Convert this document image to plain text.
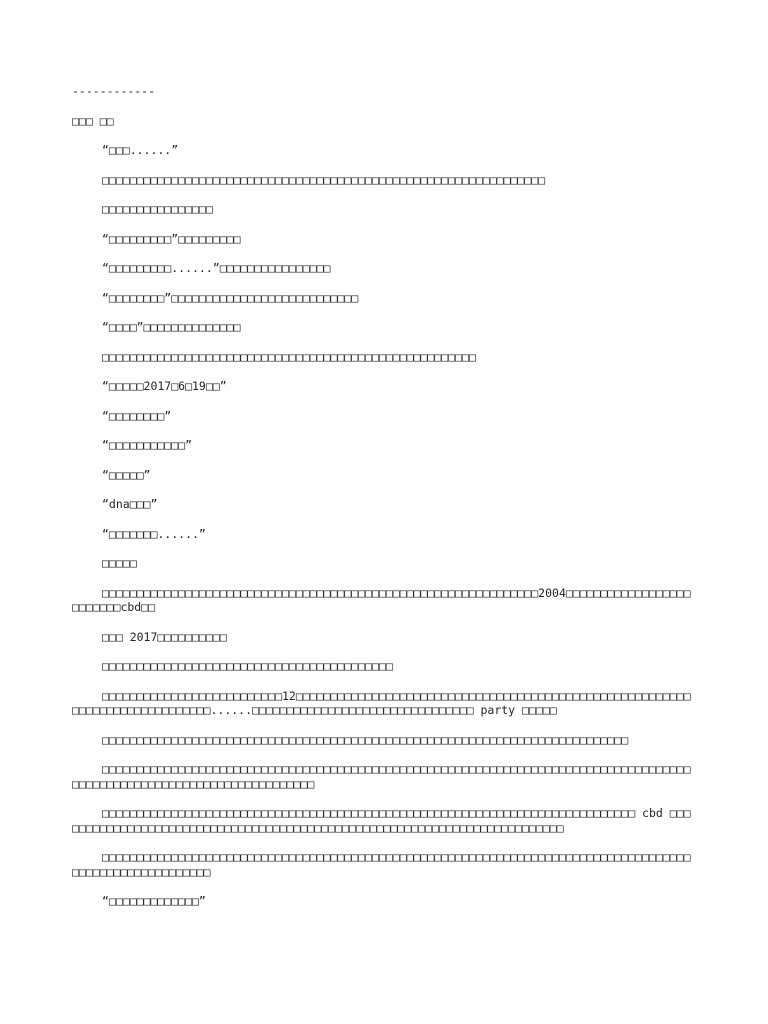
------------

□□□ □□

“□□□......”

□□□□□□□□□□□□□□□□□□□□□□□□□□□□□□□□□□□□□□□□□□□□□□□□□□□□□□□□□□□□□□□□

□□□□□□□□□□□□□□□□

“□□□□□□□□□”□□□□□□□□□

“□□□□□□□□□......”□□□□□□□□□□□□□□□□

“□□□□□□□□”□□□□□□□□□□□□□□□□□□□□□□□□□□□

“□□□□”□□□□□□□□□□□□□□

□□□□□□□□□□□□□□□□□□□□□□□□□□□□□□□□□□□□□□□□□□□□□□□□□□□□□□

“□□□□□2017□6□19□□”

“□□□□□□□□”

“□□□□□□□□□□□”

“□□□□□”

“dna□□□”

“□□□□□□□......”

□□□□□

□□□□□□□□□□□□□□□□□□□□□□□□□□□□□□□□□□□□□□□□□□□□□□□□□□□□□□□□□□□□□□□2004□□□□□□□□□□□□□□□□□□□□□□□□□cbd□□

□□□ 2017□□□□□□□□□□

□□□□□□□□□□□□□□□□□□□□□□□□□□□□□□□□□□□□□□□□□□

□□□□□□□□□□□□□□□□□□□□□□□□□□12□□□□□□□□□□□□□□□□□□□□□□□□□□□□□□□□□□□□□□□□□□□□□□□□□□□□□□□□□□□□□□□□□□□□□□□□□□□□□......□□□□□□□□□□□□□□□□□□□□□□□□□□□□□□□□ party □□□□□

□□□□□□□□□□□□□□□□□□□□□□□□□□□□□□□□□□□□□□□□□□□□□□□□□□□□□□□□□□□□□□□□□□□□□□□□□□□□

□□□□□□□□□□□□□□□□□□□□□□□□□□□□□□□□□□□□□□□□□□□□□□□□□□□□□□□□□□□□□□□□□□□□□□□□□□□□□□□□□□□□□□□□□□□□□□□□□□□□□□□□□□□□□□□□□□□□□□□□

□□□□□□□□□□□□□□□□□□□□□□□□□□□□□□□□□□□□□□□□□□□□□□□□□□□□□□□□□□□□□□□□□□□□□□□□□□□□□ cbd □□□□□□□□□□□□□□□□□□□□□□□□□□□□□□□□□□□□□□□□□□□□□□□□□□□□□□□□□□□□□□□□□□□□□□□□□□

□□□□□□□□□□□□□□□□□□□□□□□□□□□□□□□□□□□□□□□□□□□□□□□□□□□□□□□□□□□□□□□□□□□□□□□□□□□□□□□□□□□□□□□□□□□□□□□□□□□□□□□□□

“□□□□□□□□□□□□□”
